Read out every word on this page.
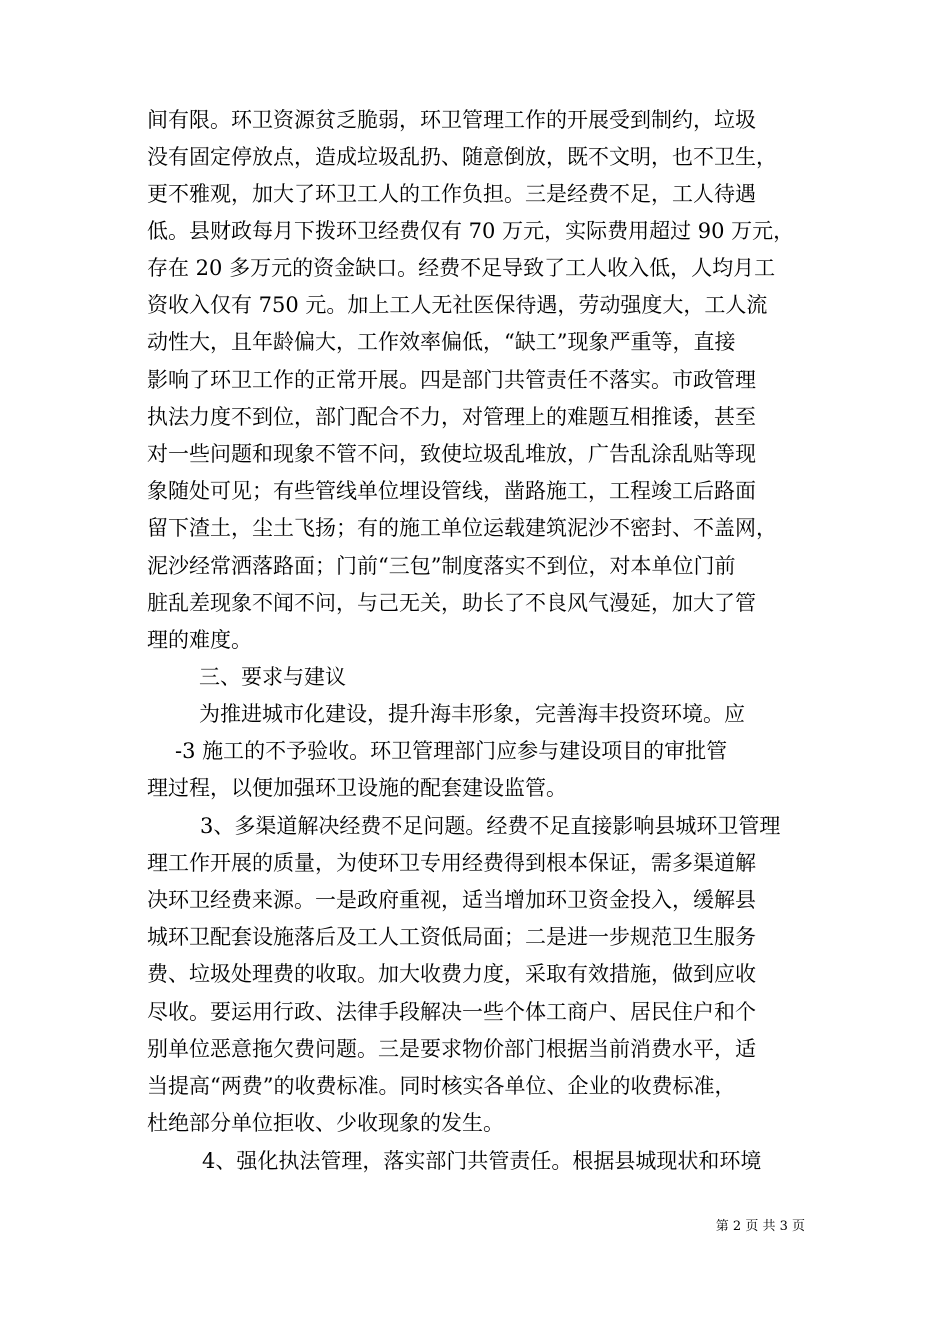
间有限。环卫资源贫乏脆弱，环卫管理工作的开展受到制约，垃圾
没有固定停放点，造成垃圾乱扔、随意倒放，既不文明，也不卫生，
更不雅观，加大了环卫工人的工作负担。三是经费不足，工人待遇
低。县财政每月下拨环卫经费仅有 70 万元，实际费用超过 90 万元，
存在 20 多万元的资金缺口。经费不足导致了工人收入低，人均月工
资收入仅有 750 元。加上工人无社医保待遇，劳动强度大，工人流
动性大，且年龄偏大，工作效率偏低，“缺工”现象严重等，直接
影响了环卫工作的正常开展。四是部门共管责任不落实。市政管理
执法力度不到位，部门配合不力，对管理上的难题互相推诿，甚至
对一些问题和现象不管不问，致使垃圾乱堆放，广告乱涂乱贴等现
象随处可见；有些管线单位埋设管线，凿路施工，工程竣工后路面
留下渣土，尘土飞扬；有的施工单位运载建筑泥沙不密封、不盖网，
泥沙经常洒落路面；门前“三包”制度落实不到位，对本单位门前
脏乱差现象不闻不问，与己无关，助长了不良风气漫延，加大了管
理的难度。
三、要求与建议
为推进城市化建设，提升海丰形象，完善海丰投资环境。应
-3 施工的不予验收。环卫管理部门应参与建设项目的审批管
理过程，以便加强环卫设施的配套建设监管。
3、多渠道解决经费不足问题。经费不足直接影响县城环卫管理
理工作开展的质量，为使环卫专用经费得到根本保证，需多渠道解
决环卫经费来源。一是政府重视，适当增加环卫资金投入，缓解县
城环卫配套设施落后及工人工资低局面；二是进一步规范卫生服务
费、垃圾处理费的收取。加大收费力度，采取有效措施，做到应收
尽收。要运用行政、法律手段解决一些个体工商户、居民住户和个
别单位恶意拖欠费问题。三是要求物价部门根据当前消费水平，适
当提高“两费”的收费标准。同时核实各单位、企业的收费标准，
杜绝部分单位拒收、少收现象的发生。
4、强化执法管理，落实部门共管责任。根据县城现状和环境
第 2 页 共 3 页
